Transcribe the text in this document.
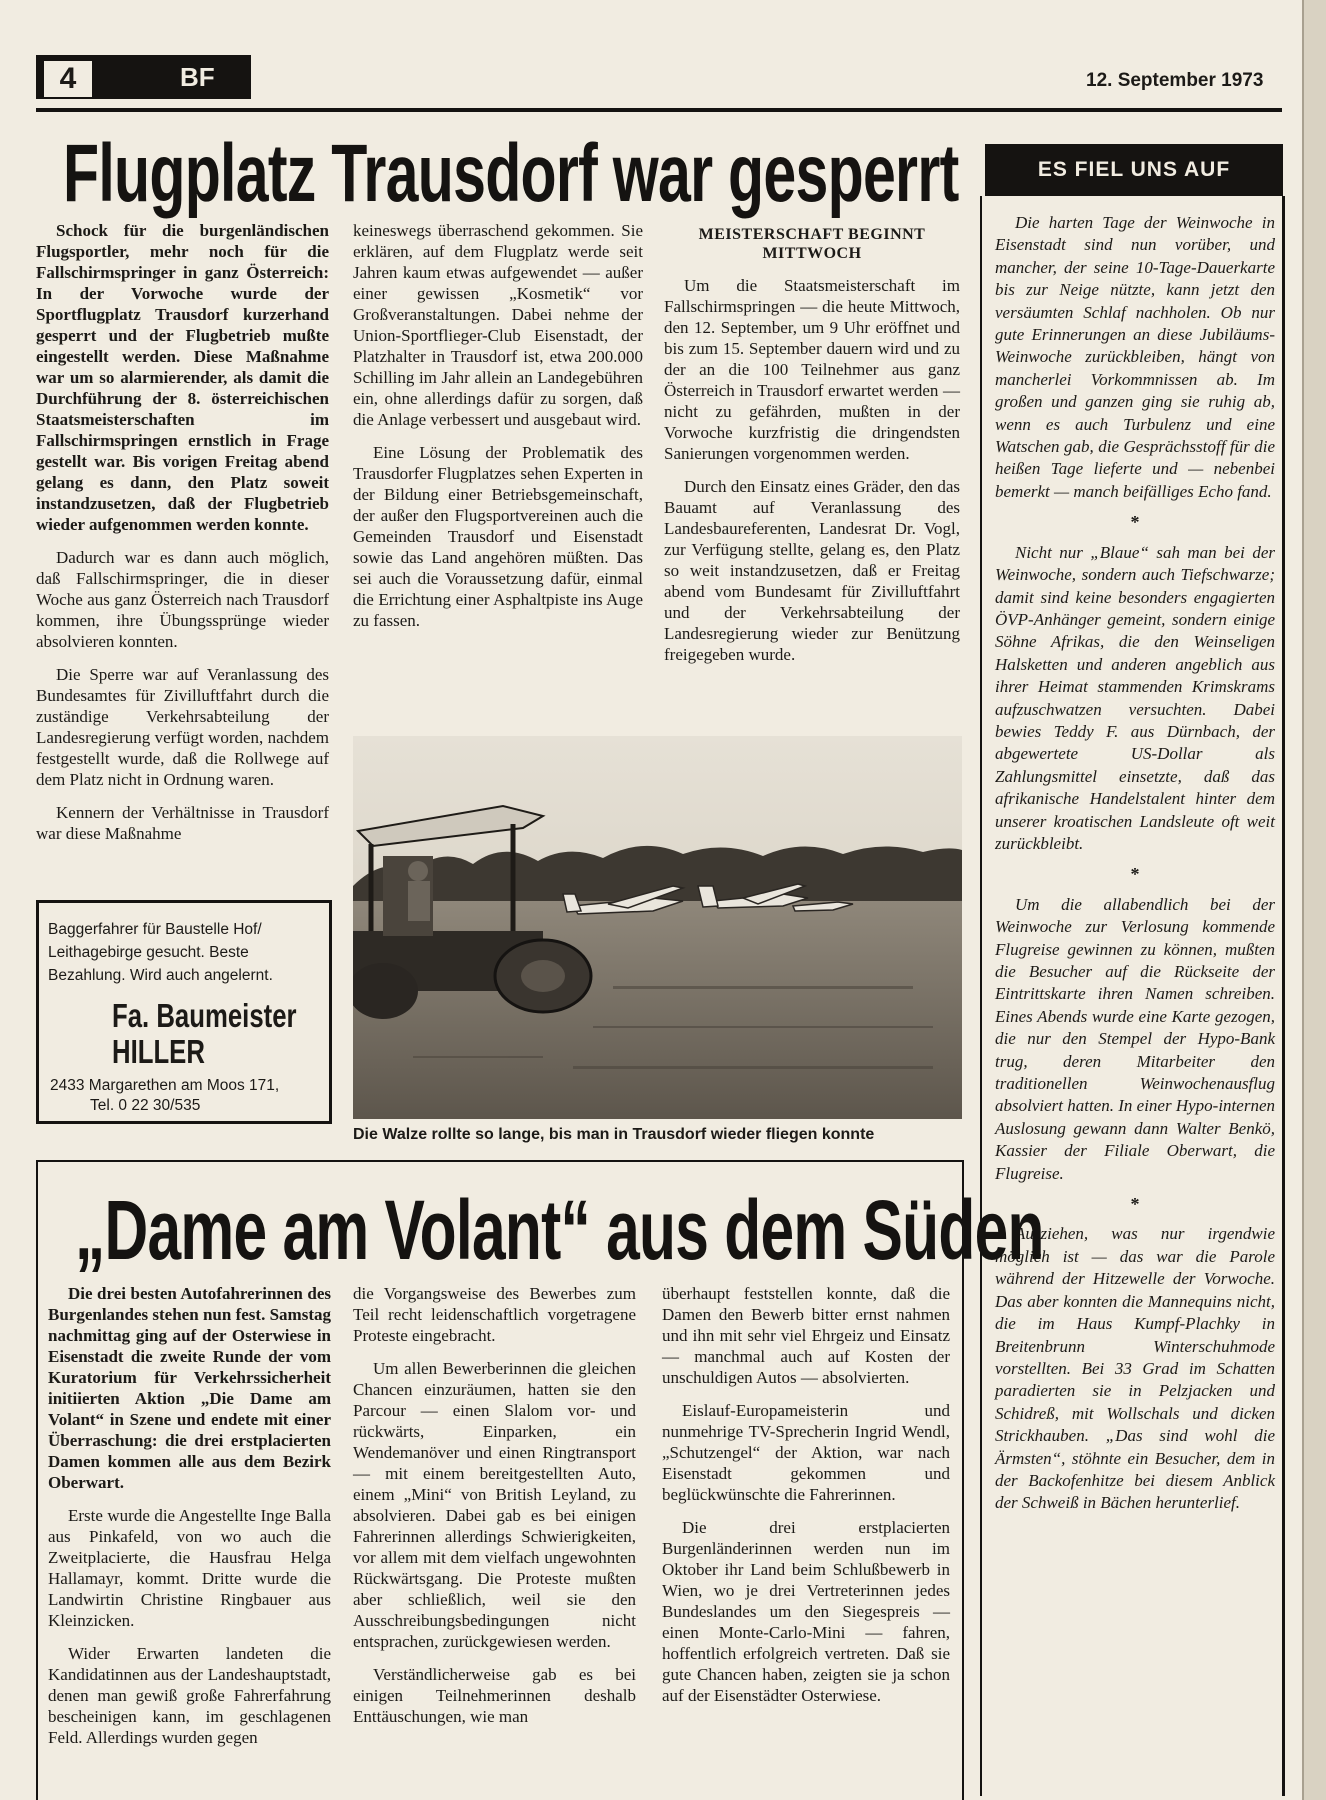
4	BF	12. September 1973
Flugplatz Trausdorf war gesperrt

Schock für die burgenländischen Flugsportler, mehr noch für die Fallschirmspringer in ganz Österreich: In der Vorwoche wurde der Sportflugplatz Trausdorf kurzerhand gesperrt und der Flugbetrieb mußte eingestellt werden. Diese Maßnahme war um so alarmierender, als damit die Durchführung der 8. österreichischen Staatsmeisterschaften im Fallschirmspringen ernstlich in Frage gestellt war. Bis vorigen Freitag abend gelang es dann, den Platz soweit instandzusetzen, daß der Flugbetrieb wieder aufgenommen werden konnte.

Dadurch war es dann auch möglich, daß Fallschirmspringer, die in dieser Woche aus ganz Österreich nach Trausdorf kommen, ihre Übungssprünge wieder absolvieren konnten.

Die Sperre war auf Veranlassung des Bundesamtes für Zivilluftfahrt durch die zuständige Verkehrsabteilung der Landesregierung verfügt worden, nachdem festgestellt wurde, daß die Rollwege auf dem Platz nicht in Ordnung waren.

Kennern der Verhältnisse in Trausdorf war diese Maßnahme

keineswegs überraschend gekommen. Sie erklären, auf dem Flugplatz werde seit Jahren kaum etwas aufgewendet — außer einer gewissen „Kosmetik“ vor Großveranstaltungen. Dabei nehme der Union-Sportflieger-Club Eisenstadt, der Platzhalter in Trausdorf ist, etwa 200.000 Schilling im Jahr allein an Landegebühren ein, ohne allerdings dafür zu sorgen, daß die Anlage verbessert und ausgebaut wird.

Eine Lösung der Problematik des Trausdorfer Flugplatzes sehen Experten in der Bildung einer Betriebsgemeinschaft, der außer den Flugsportvereinen auch die Gemeinden Trausdorf und Eisenstadt sowie das Land angehören müßten. Das sei auch die Voraussetzung dafür, einmal die Errichtung einer Asphaltpiste ins Auge zu fassen.

MEISTERSCHAFT BEGINNT MITTWOCH

Um die Staatsmeisterschaft im Fallschirmspringen — die heute Mittwoch, den 12. September, um 9 Uhr eröffnet und bis zum 15. September dauern wird und zu der an die 100 Teilnehmer aus ganz Österreich in Trausdorf erwartet werden — nicht zu gefährden, mußten in der Vorwoche kurzfristig die dringendsten Sanierungen vorgenommen werden.

Durch den Einsatz eines Gräder, den das Bauamt auf Veranlassung des Landesbaureferenten, Landesrat Dr. Vogl, zur Verfügung stellte, gelang es, den Platz so weit instandzusetzen, daß er Freitag abend vom Bundesamt für Zivilluftfahrt und der Verkehrsabteilung der Landesregierung wieder zur Benützung freigegeben wurde.

Die Walze rollte so lange, bis man in Trausdorf wieder fliegen konnte
Baggerfahrer für Baustelle Hof/ Leithagebirge gesucht. Beste Bezahlung. Wird auch angelernt.
Fa. Baumeister
HILLER
2433 Margarethen am Moos 171,
Tel. 0 22 30/535
ES FIEL UNS AUF

Die harten Tage der Weinwoche in Eisenstadt sind nun vorüber, und mancher, der seine 10-Tage-Dauerkarte bis zur Neige nützte, kann jetzt den versäumten Schlaf nachholen. Ob nur gute Erinnerungen an diese Jubiläums-Weinwoche zurückbleiben, hängt von mancherlei Vorkommnissen ab. Im großen und ganzen ging sie ruhig ab, wenn es auch Turbulenz und eine Watschen gab, die Gesprächsstoff für die heißen Tage lieferte und — nebenbei bemerkt — manch beifälliges Echo fand.

*

Nicht nur „Blaue“ sah man bei der Weinwoche, sondern auch Tiefschwarze; damit sind keine besonders engagierten ÖVP-Anhänger gemeint, sondern einige Söhne Afrikas, die den Weinseligen Halsketten und anderen angeblich aus ihrer Heimat stammenden Krimskrams aufzuschwatzen versuchten. Dabei bewies Teddy F. aus Dürnbach, der abgewertete US-Dollar als Zahlungsmittel einsetzte, daß das afrikanische Handelstalent hinter dem unserer kroatischen Landsleute oft weit zurückbleibt.

*

Um die allabendlich bei der Weinwoche zur Verlosung kommende Flugreise gewinnen zu können, mußten die Besucher auf die Rückseite der Eintrittskarte ihren Namen schreiben. Eines Abends wurde eine Karte gezogen, die nur den Stempel der Hypo-Bank trug, deren Mitarbeiter den traditionellen Weinwochenausflug absolviert hatten. In einer Hypo-internen Auslosung gewann dann Walter Benkö, Kassier der Filiale Oberwart, die Flugreise.

*

Ausziehen, was nur irgendwie möglich ist — das war die Parole während der Hitzewelle der Vorwoche. Das aber konnten die Mannequins nicht, die im Haus Kumpf-Plachky in Breitenbrunn Winterschuhmode vorstellten. Bei 33 Grad im Schatten paradierten sie in Pelzjacken und Schidreß, mit Wollschals und dicken Strickhauben. „Das sind wohl die Ärmsten“, stöhnte ein Besucher, dem in der Backofenhitze bei diesem Anblick der Schweiß in Bächen herunterlief.

„Dame am Volant“ aus dem Süden

Die drei besten Autofahrerinnen des Burgenlandes stehen nun fest. Samstag nachmittag ging auf der Osterwiese in Eisenstadt die zweite Runde der vom Kuratorium für Verkehrssicherheit initiierten Aktion „Die Dame am Volant“ in Szene und endete mit einer Überraschung: die drei erstplacierten Damen kommen alle aus dem Bezirk Oberwart.

Erste wurde die Angestellte Inge Balla aus Pinkafeld, von wo auch die Zweitplacierte, die Hausfrau Helga Hallamayr, kommt. Dritte wurde die Landwirtin Christine Ringbauer aus Kleinzicken.

Wider Erwarten landeten die Kandidatinnen aus der Landeshauptstadt, denen man gewiß große Fahrerfahrung bescheinigen kann, im geschlagenen Feld. Allerdings wurden gegen

die Vorgangsweise des Bewerbes zum Teil recht leidenschaftlich vorgetragene Proteste eingebracht.

Um allen Bewerberinnen die gleichen Chancen einzuräumen, hatten sie den Parcour — einen Slalom vor- und rückwärts, Einparken, ein Wendemanöver und einen Ringtransport — mit einem bereitgestellten Auto, einem „Mini“ von British Leyland, zu absolvieren. Dabei gab es bei einigen Fahrerinnen allerdings Schwierigkeiten, vor allem mit dem vielfach ungewohnten Rückwärtsgang. Die Proteste mußten aber schließlich, weil sie den Ausschreibungsbedingungen nicht entsprachen, zurückgewiesen werden.

Verständlicherweise gab es bei einigen Teilnehmerinnen deshalb Enttäuschungen, wie man

überhaupt feststellen konnte, daß die Damen den Bewerb bitter ernst nahmen und ihn mit sehr viel Ehrgeiz und Einsatz — manchmal auch auf Kosten der unschuldigen Autos — absolvierten.

Eislauf-Europameisterin und nunmehrige TV-Sprecherin Ingrid Wendl, „Schutzengel“ der Aktion, war nach Eisenstadt gekommen und beglückwünschte die Fahrerinnen.

Die drei erstplacierten Burgenländerinnen werden nun im Oktober ihr Land beim Schlußbewerb in Wien, wo je drei Vertreterinnen jedes Bundeslandes um den Siegespreis — einen Monte-Carlo-Mini — fahren, hoffentlich erfolgreich vertreten. Daß sie gute Chancen haben, zeigten sie ja schon auf der Eisenstädter Osterwiese.
